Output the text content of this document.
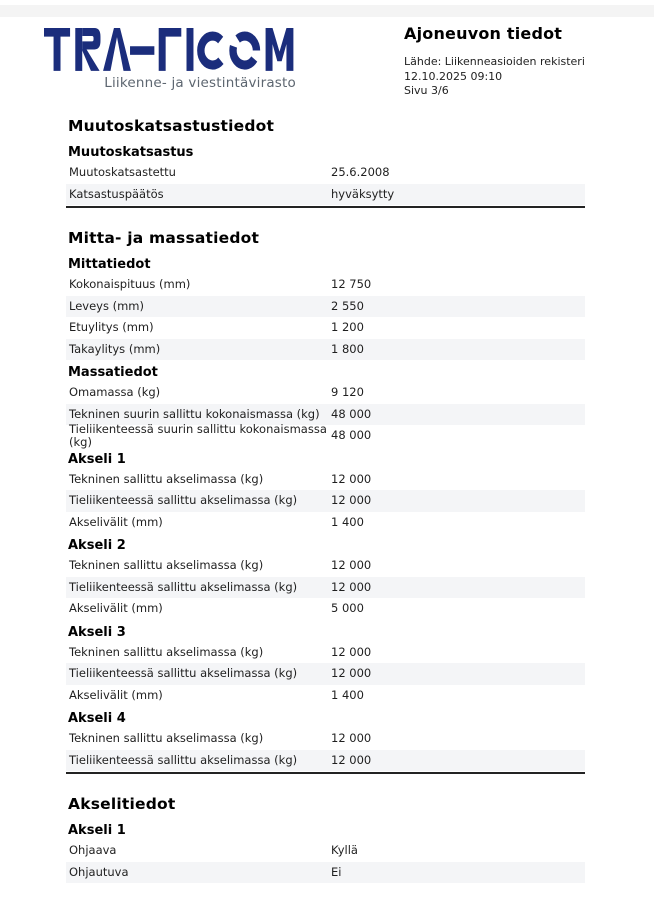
Liikenne- ja viestintävirasto
Ajoneuvon tiedot
Lähde: Liikenneasioiden rekisteri
12.10.2025 09:10
Sivu 3/6
Muutoskatsastustiedot
Muutoskatsastus
Muutoskatsastettu	25.6.2008
Katsastuspäätös	hyväksytty
Mitta- ja massatiedot
Mittatiedot
Kokonaispituus (mm)	12 750
Leveys (mm)	2 550
Etuylitys (mm)	1 200
Takaylitys (mm)	1 800
Massatiedot
Omamassa (kg)	9 120
Tekninen suurin sallittu kokonaismassa (kg) 48 000
Tieliikenteessä suurin sallittu kokonaismassa (kg)	48 000
Akseli 1
Tekninen sallittu akselimassa (kg)	12 000
Tieliikenteessä sallittu akselimassa (kg)	12 000
Akselivälit (mm)	1 400
Akseli 2
Tekninen sallittu akselimassa (kg)	12 000
Tieliikenteessä sallittu akselimassa (kg)	12 000
Akselivälit (mm)	5 000
Akseli 3
Tekninen sallittu akselimassa (kg)	12 000
Tieliikenteessä sallittu akselimassa (kg)	12 000
Akselivälit (mm)	1 400
Akseli 4
Tekninen sallittu akselimassa (kg)	12 000
Tieliikenteessä sallittu akselimassa (kg)	12 000
Akselitiedot
Akseli 1
Ohjaava	Kyllä
Ohjautuva	Ei
